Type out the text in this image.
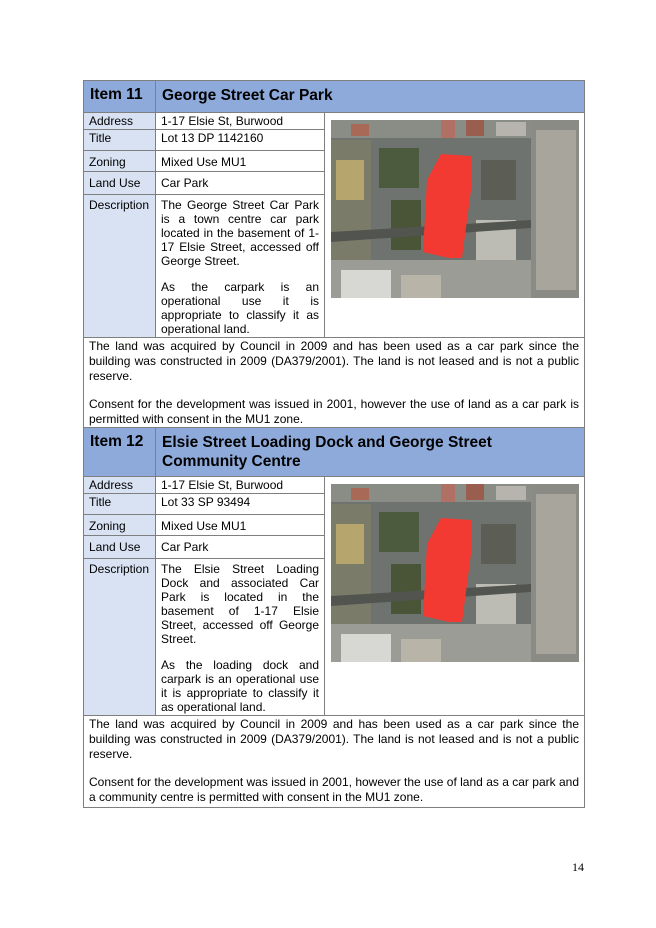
Item 11	George Street Car Park
Address	1-17 Elsie St, Burwood
Title	Lot 13 DP 1142160
Zoning	Mixed Use MU1
Land Use	Car Park
Description The George Street Car Park is a town centre car park located in the basement of 1-17 Elsie Street, accessed off George Street.
As the carpark is an operational use it is appropriate to classify it as operational land.

The land was acquired by Council in 2009 and has been used as a car park since the building was constructed in 2009 (DA379/2001). The land is not leased and is not a public reserve.

Consent for the development was issued in 2001, however the use of land as a car park is permitted with consent in the MU1 zone.

Item 12	Elsie Street Loading Dock and George Street Community Centre
Address	1-17 Elsie St, Burwood
Title	Lot 33 SP 93494
Zoning	Mixed Use MU1
Land Use	Car Park
Description The Elsie Street Loading Dock and associated Car Park is located in the basement of 1-17 Elsie Street, accessed off George Street.
As the loading dock and carpark is an operational use it is appropriate to classify it as operational land.

The land was acquired by Council in 2009 and has been used as a car park since the building was constructed in 2009 (DA379/2001). The land is not leased and is not a public reserve.

Consent for the development was issued in 2001, however the use of land as a car park and a community centre is permitted with consent in the MU1 zone.

14
